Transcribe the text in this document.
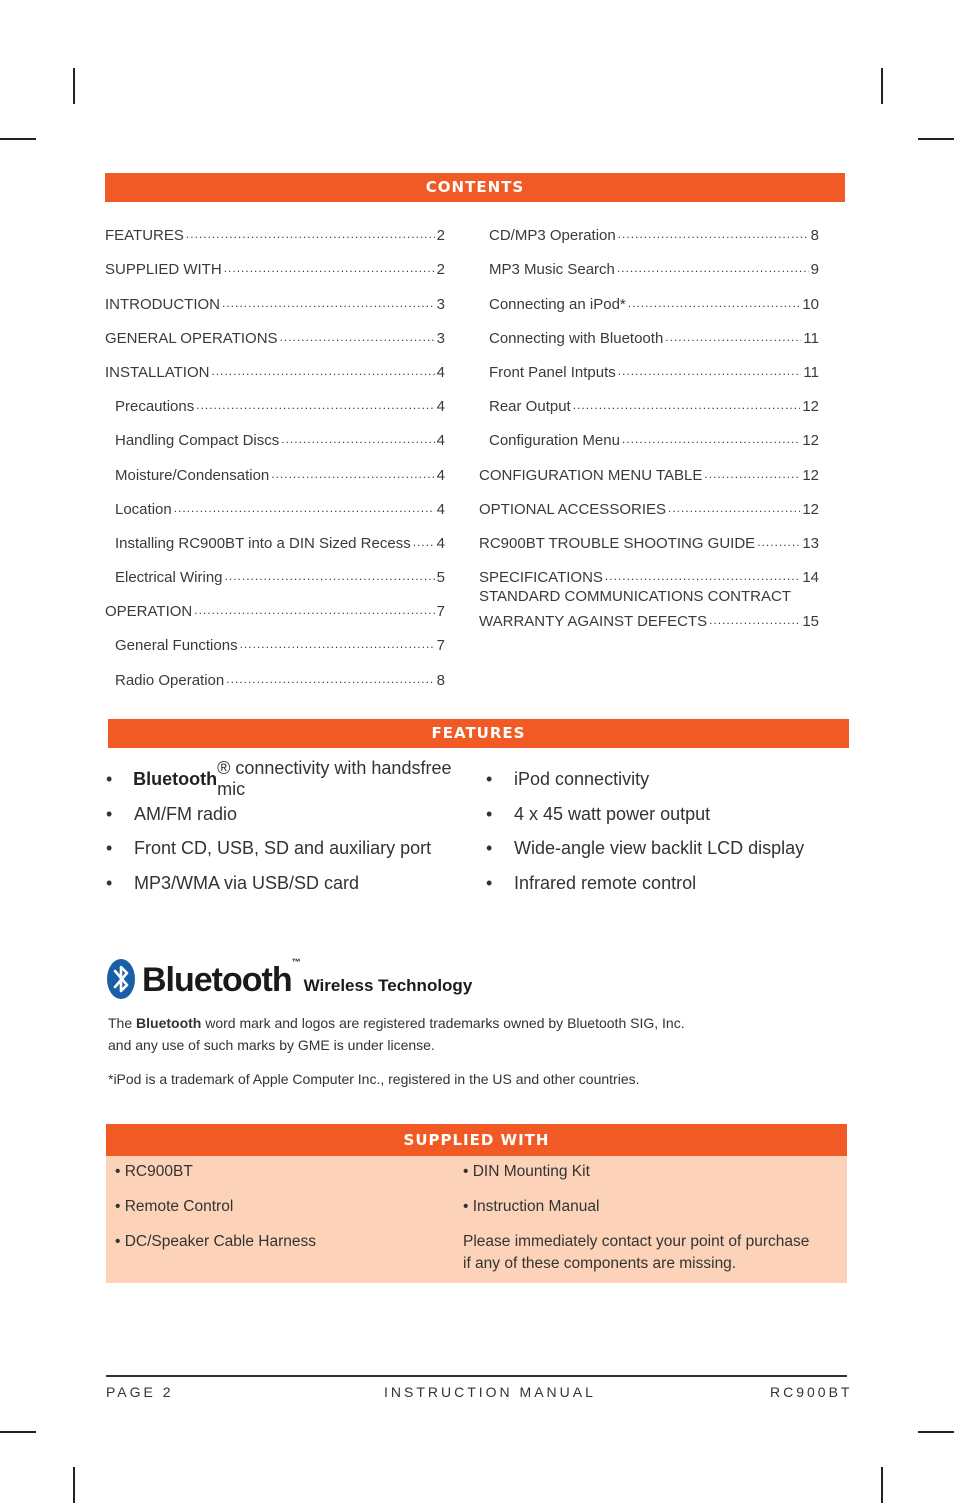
CONTENTS
FEATURES .....	2
SUPPLIED WITH .....	2
INTRODUCTION .....	3
GENERAL OPERATIONS .....	3
INSTALLATION .....	4
Precautions .....	4
Handling Compact Discs .....	4
Moisture/Condensation .....	4
Location .....	4
Installing RC900BT into a DIN Sized Recess ..... 4
Electrical Wiring .....	5
OPERATION .....	7
General Functions .....	7
Radio Operation .....	8
CD/MP3 Operation .....	8
MP3 Music Search .....	9
Connecting an iPod* .....	10
Connecting with Bluetooth .....	11
Front Panel Intputs .....	11
Rear Output .....	12
Configuration Menu .....	12
CONFIGURATION MENU TABLE .....	12
OPTIONAL ACCESSORIES .....	12
RC900BT TROUBLE SHOOTING GUIDE .....	13
SPECIFICATIONS .....	14
STANDARD COMMUNICATIONS CONTRACT
WARRANTY AGAINST DEFECTS .....	15
FEATURES
•	Bluetooth
® connectivity with handsfree mic
•	AM/FM radio
•	Front CD, USB, SD and auxiliary port
•	MP3/WMA via USB/SD card
•	iPod connectivity
•	4 x 45 watt power output
•	Wide-angle view backlit LCD display
•	Infrared remote control
Bluetooth™
Wireless Technology
The Bluetooth word mark and logos are registered trademarks owned by Bluetooth SIG, Inc.
and any use of such marks by GME is under license.
*iPod is a trademark of Apple Computer Inc., registered in the US and other countries.
SUPPLIED WITH
• RC900BT
• Remote Control
• DC/Speaker Cable Harness
• DIN Mounting Kit
• Instruction Manual
Please immediately contact your point of purchase
if any of these components are missing.
PAGE 2	INSTRUCTION MANUAL	RC900BT
